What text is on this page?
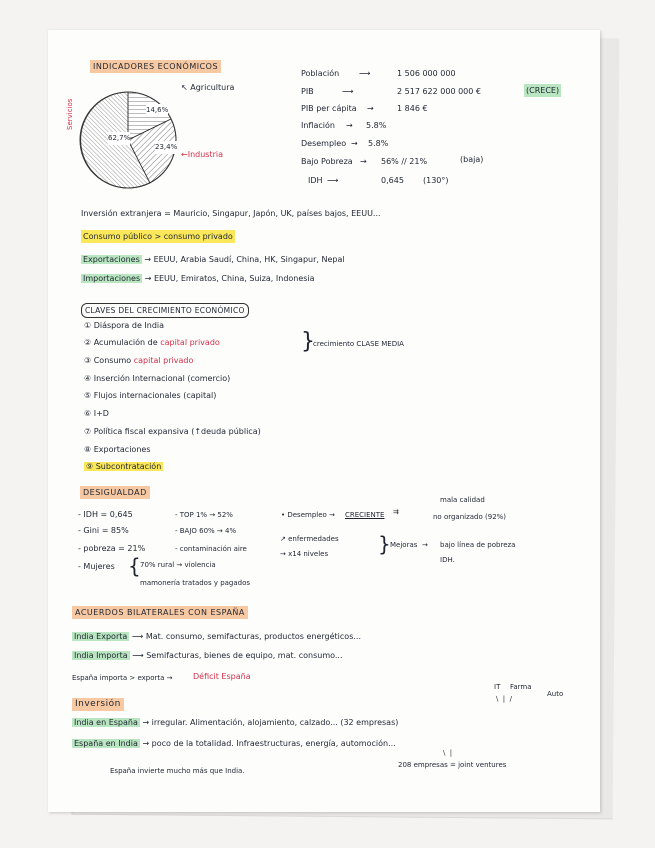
INDICADORES ECONÓMICOS
14,6%
23,4%
62,7%
↖ Agricultura
←Industria
Servicios
Población ⟶	1 506 000 000
PIB	⟶	2 517 622 000 000 €	(CRECE)
PIB per cápita →	1 846 €
Inflación → 5.8%
Desempleo → 5.8%
Bajo Pobreza → 56% // 21%	(baja)
IDH ⟶	0,645 (130°)
Inversión extranjera = Mauricio, Singapur, Japón, UK, países bajos, EEUU...
Consumo público > consumo privado
Exportaciones → EEUU, Arabia Saudí, China, HK, Singapur, Nepal
Importaciones → EEUU, Emiratos, China, Suiza, Indonesia
CLAVES DEL CRECIMIENTO ECONÓMICO
① Diáspora de India
② Acumulación de capital privado
③ Consumo capital privado
④ Inserción Internacional (comercio)
⑤ Flujos internacionales (capital)
⑥ I+D
⑦ Política fiscal expansiva (↑deuda pública)
⑧ Exportaciones
⑨ Subcontratación
}
crecimiento CLASE MEDIA
DESIGUALDAD
- IDH = 0,645
- Gini = 85%
- pobreza = 21%
- Mujeres { 70% rural → violencia
mamonería tratados y pagados
- TOP 1% → 52%
- BAJO 60% → 4%
- contaminación aire
↗ enfermedades
→ x14 niveles
• Desempleo → CRECIENTE ⇉
mala calidad
no organizado (92%)
} Mejoras → bajo línea de pobreza
IDH.
ACUERDOS BILATERALES CON ESPAÑA
India Exporta ⟶ Mat. consumo, semifacturas, productos energéticos...
India Importa ⟶ Semifacturas, bienes de equipo, mat. consumo...
España importa > exporta →	Déficit España
Inversión
IT Farma
Auto
\  |  /
India en España → irregular. Alimentación, alojamiento, calzado... (32 empresas)
España en India → poco de la totalidad. Infraestructuras, energía, automoción...
\  |
España invierte mucho más que India.
208 empresas = joint ventures
